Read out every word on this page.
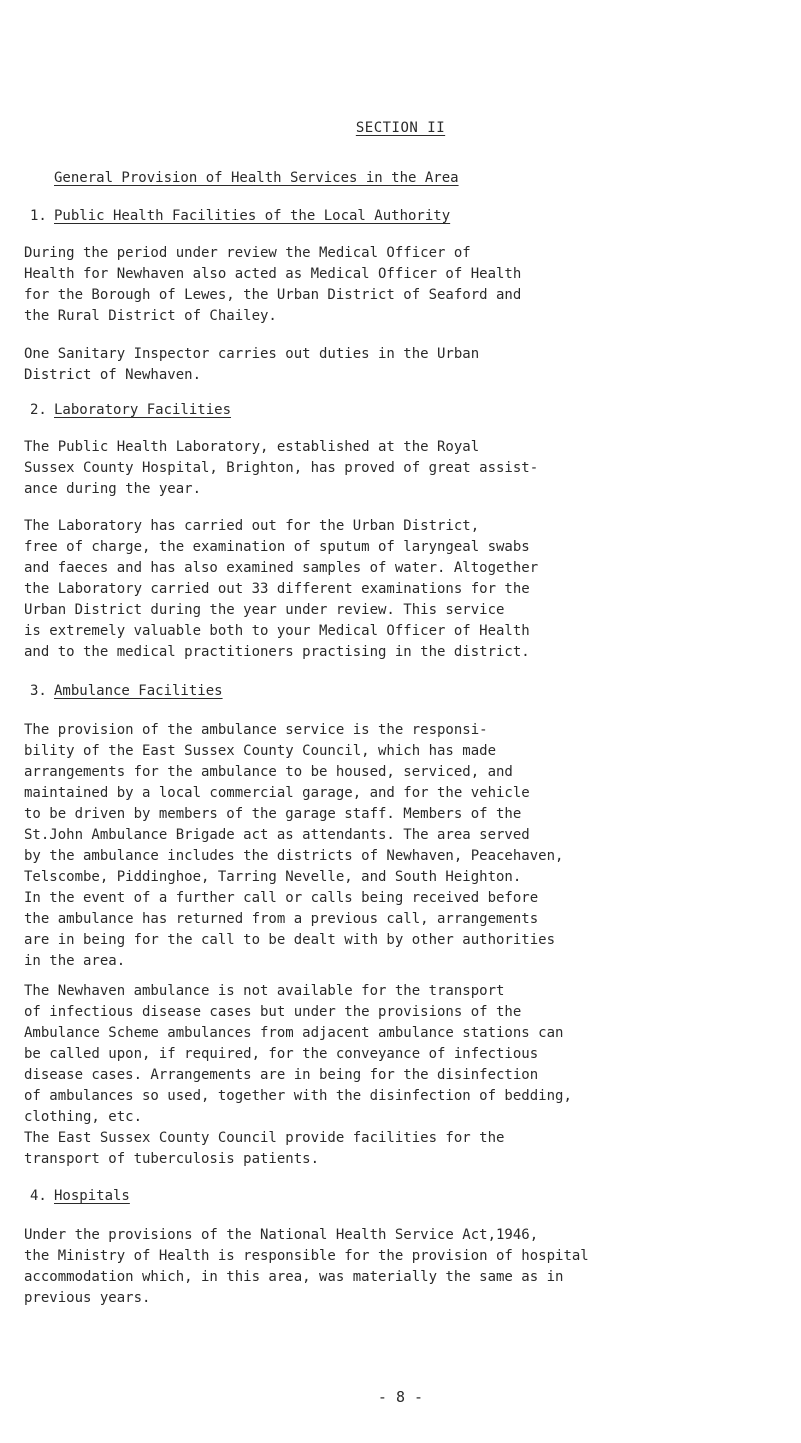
SECTION II
General Provision of Health Services in the Area
1. Public Health Facilities of the Local Authority
During the period under review the Medical Officer of
Health for Newhaven also acted as Medical Officer of Health
for the Borough of Lewes, the Urban District of Seaford and
the Rural District of Chailey.
One Sanitary Inspector carries out duties in the Urban
District of Newhaven.
2. Laboratory Facilities
The Public Health Laboratory, established at the Royal
Sussex County Hospital, Brighton, has proved of great assist-
ance during the year.
The Laboratory has carried out for the Urban District,
free of charge, the examination of sputum of laryngeal swabs
and faeces and has also examined samples of water. Altogether
the Laboratory carried out 33 different examinations for the
Urban District during the year under review. This service
is extremely valuable both to your Medical Officer of Health
and to the medical practitioners practising in the district.
3. Ambulance Facilities
The provision of the ambulance service is the responsi-
bility of the East Sussex County Council, which has made
arrangements for the ambulance to be housed, serviced, and
maintained by a local commercial garage, and for the vehicle
to be driven by members of the garage staff. Members of the
St.John Ambulance Brigade act as attendants. The area served
by the ambulance includes the districts of Newhaven, Peacehaven,
Telscombe, Piddinghoe, Tarring Nevelle, and South Heighton.
In the event of a further call or calls being received before
the ambulance has returned from a previous call, arrangements
are in being for the call to be dealt with by other authorities
in the area.
The Newhaven ambulance is not available for the transport
of infectious disease cases but under the provisions of the
Ambulance Scheme ambulances from adjacent ambulance stations can
be called upon, if required, for the conveyance of infectious
disease cases. Arrangements are in being for the disinfection
of ambulances so used, together with the disinfection of bedding,
clothing, etc.
The East Sussex County Council provide facilities for the
transport of tuberculosis patients.
4. Hospitals
Under the provisions of the National Health Service Act,1946,
the Ministry of Health is responsible for the provision of hospital
accommodation which, in this area, was materially the same as in
previous years.
- 8 -
